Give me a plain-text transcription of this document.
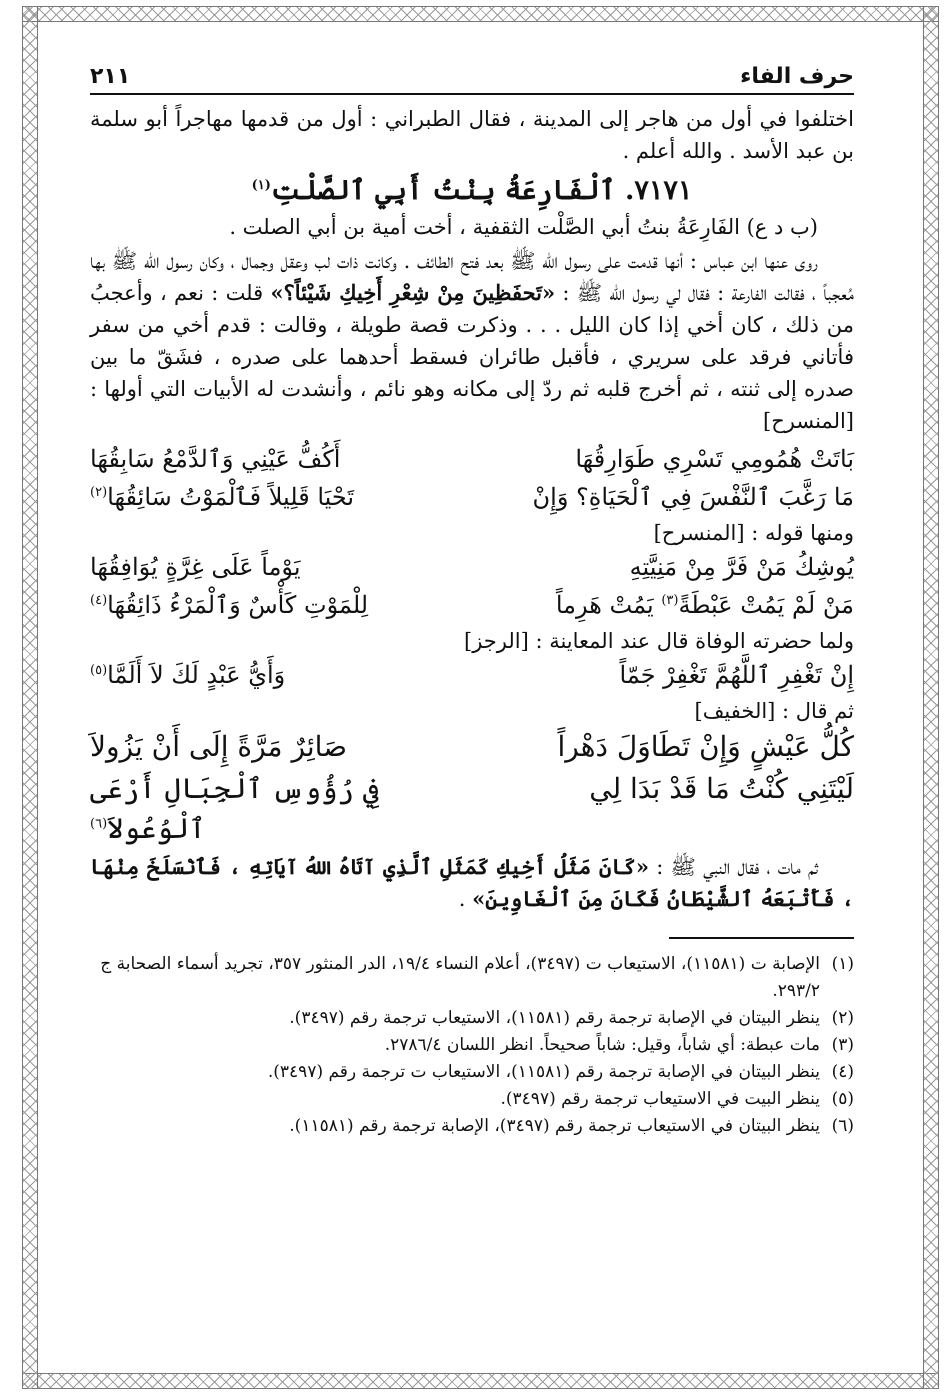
حرف الفاء
٢١١

اختلفوا في أول من هاجر إلى المدينة ، فقال الطبراني : أول من قدمها مهاجراً أبو سلمة بن عبد الأسد . والله أعلم .

٧١٧١. ٱلْفَارِعَةُ بِنْتُ أَبِي ٱلصَّلْتِ$^{(١)}$

(ب د ع) الفَارِعَةُ بنتُ أبي الصَّلْت الثقفية ، أخت أمية بن أبي الصلت .

روى عنها ابن عباس : أنها قدمت على رسول الله ﷺ بعد فتح الطائف . وكانت ذات لب وعقل وجمال ، وكان رسول الله ﷺ بها مُعجباً ، فقالت الفارعة : فقال لي رسول الله ﷺ : «تَحفَظِينَ مِنْ شِعْرِ أَخِيكِ شَيْئاً؟» قلت : نعم ، وأعجبُ من ذلك ، كان أخي إذا كان الليل . . . وذكرت قصة طويلة ، وقالت : قدم أخي من سفر فأتاني فرقد على سريري ، فأقبل طائران فسقط أحدهما على صدره ، فشَقّ ما بين صدره إلى ثنته ، ثم أخرج قلبه ثم ردّ إلى مكانه وهو نائم ، وأنشدت له الأبيات التي أولها : [المنسرح]

بَاتَتْ هُمُومِي تَسْرِي طَوَارِقُهَا
أَكُفُّ عَيْنِي وَٱلدَّمْعُ سَابِقُهَا
مَا رَغَّبَ ٱلنَّفْسَ فِي ٱلْحَيَاةِ؟ وَإِنْ
تَحْيَا قَلِيلاً فَٱلْمَوْتُ سَائِقُهَا$^{(٢)}$

ومنها قوله : [المنسرح]

يُوشِكُ مَنْ فَرَّ مِنْ مَنِيَّتِهِ
يَوْماً عَلَى غِرَّةٍ يُوَافِقُهَا
مَنْ لَمْ يَمُتْ عَبْطَةً$^{(٣)}$ يَمُتْ هَرِماً
لِلْمَوْتِ كَأْسٌ وَٱلْمَرْءُ ذَائِقُهَا$^{(٤)}$

ولما حضرته الوفاة قال عند المعاينة : [الرجز]

إِنْ تَغْفِرِ ٱللَّهُمَّ تَغْفِرْ جَمّاً
وَأَيُّ عَبْدٍ لَكَ لاَ أَلَمَّا$^{(٥)}$

ثم قال : [الخفيف]

كُلُّ عَيْشٍ وَإِنْ تَطَاوَلَ دَهْراً
صَائِرٌ مَرَّةً إِلَى أَنْ يَزُولاَ
لَيْتَنِي كُنْتُ مَا قَدْ بَدَا لِي
فِي رُؤُوسِ ٱلْجِبَالِ أَرْعَى ٱلْوُعُولاَ$^{(٦)}$

ثم مات ، فقال النبي ﷺ : «كَانَ مَثَلُ أَخِيكِ كَمَثَلِ ٱلَّذِي آتَاهُ اللهُ آيَاتِهِ ، فَٱنْسَلَخَ مِنْهَا ، فَأَتْبَعَهُ ٱلشَّيْطَانُ فَكَانَ مِنَ ٱلْغَاوِينَ» .

(١)
الإصابة ت (١١٥٨١)، الاستيعاب ت (٣٤٩٧)، أعلام النساء ١٩/٤، الدر المنثور ٣٥٧، تجريد أسماء الصحابة ج ٢٩٣/٢.
(٢)
ينظر البيتان في الإصابة ترجمة رقم (١١٥٨١)، الاستيعاب ترجمة رقم (٣٤٩٧).
(٣)
مات عبطة: أي شاباً، وقيل: شاباً صحيحاً. انظر اللسان ٢٧٨٦/٤.
(٤)
ينظر البيتان في الإصابة ترجمة رقم (١١٥٨١)، الاستيعاب ت ترجمة رقم (٣٤٩٧).
(٥)
ينظر البيت في الاستيعاب ترجمة رقم (٣٤٩٧).
(٦)
ينظر البيتان في الاستيعاب ترجمة رقم (٣٤٩٧)، الإصابة ترجمة رقم (١١٥٨١).
